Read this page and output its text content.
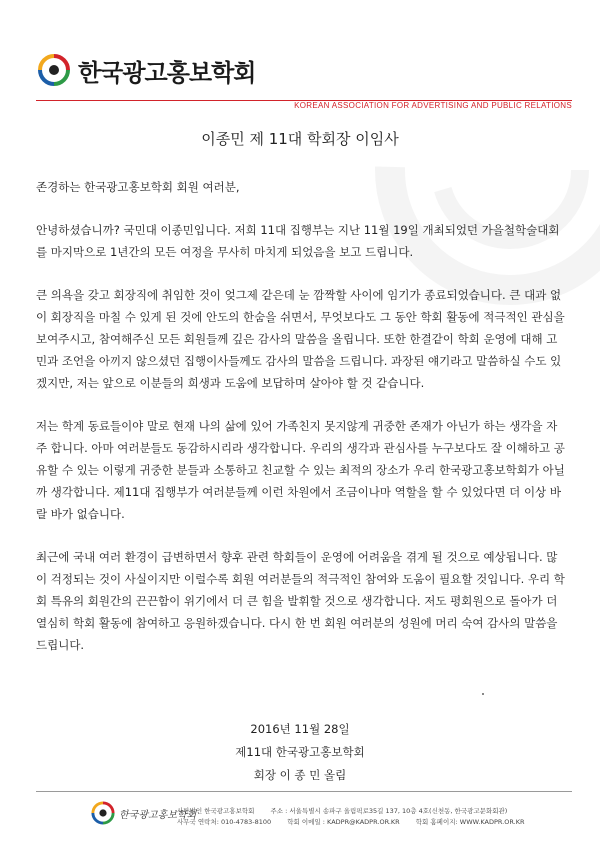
한국광고홍보학회
KOREAN ASSOCIATION FOR ADVERTISING AND PUBLIC RELATIONS
이종민 제 11대 학회장 이임사

존경하는 한국광고홍보학회 회원 여러분,

안녕하셨습니까? 국민대 이종민입니다. 저희 11대 집행부는 지난 11월 19일 개최되었던 가을철학술대회를 마지막으로 1년간의 모든 여정을 무사히 마치게 되었음을 보고 드립니다.

큰 의욕을 갖고 회장직에 취임한 것이 엊그제 같은데 눈 깜짝할 사이에 임기가 종료되었습니다. 큰 대과 없이 회장직을 마칠 수 있게 된 것에 안도의 한숨을 쉬면서, 무엇보다도 그 동안 학회 활동에 적극적인 관심을 보여주시고, 참여해주신 모든 회원들께 깊은 감사의 말씀을 올립니다. 또한 한결같이 학회 운영에 대해 고민과 조언을 아끼지 않으셨던 집행이사들께도 감사의 말씀을 드립니다. 과장된 얘기라고 말씀하실 수도 있겠지만, 저는 앞으로 이분들의 희생과 도움에 보답하며 살아야 할 것 같습니다.

저는 학계 동료들이야 말로 현재 나의 삶에 있어 가족친지 못지않게 귀중한 존재가 아닌가 하는 생각을 자주 합니다. 아마 여러분들도 동감하시리라 생각합니다. 우리의 생각과 관심사를 누구보다도 잘 이해하고 공유할 수 있는 이렇게 귀중한 분들과 소통하고 친교할 수 있는 최적의 장소가 우리 한국광고홍보학회가 아닐까 생각합니다. 제11대 집행부가 여러분들께 이런 차원에서 조금이나마 역할을 할 수 있었다면 더 이상 바랄 바가 없습니다.

최근에 국내 여러 환경이 급변하면서 향후 관련 학회들이 운영에 어려움을 겪게 될 것으로 예상됩니다. 많이 걱정되는 것이 사실이지만 이럴수록 회원 여러분들의 적극적인 참여와 도움이 필요할 것입니다. 우리 학회 특유의 회원간의 끈끈함이 위기에서 더 큰 힘을 발휘할 것으로 생각합니다. 저도 평회원으로 돌아가 더 열심히 학회 활동에 참여하고 응원하겠습니다. 다시 한 번 회원 여러분의 성원에 머리 숙여 감사의 말씀을 드립니다.

2016년 11월 28일
제11대 한국광고홍보학회
회장 이 종 민 올림
한국광고홍보학회
사단법인 한국광고홍보학회 주소 : 서울특별시 송파구 올림픽로35길 137, 10층 4호(신천동, 한국광고문화회관)
사무국 연락처: 010-4783-8100 학회 이메일 : KADPR@KADPR.OR.KR 학회 홈페이지: WWW.KADPR.OR.KR
